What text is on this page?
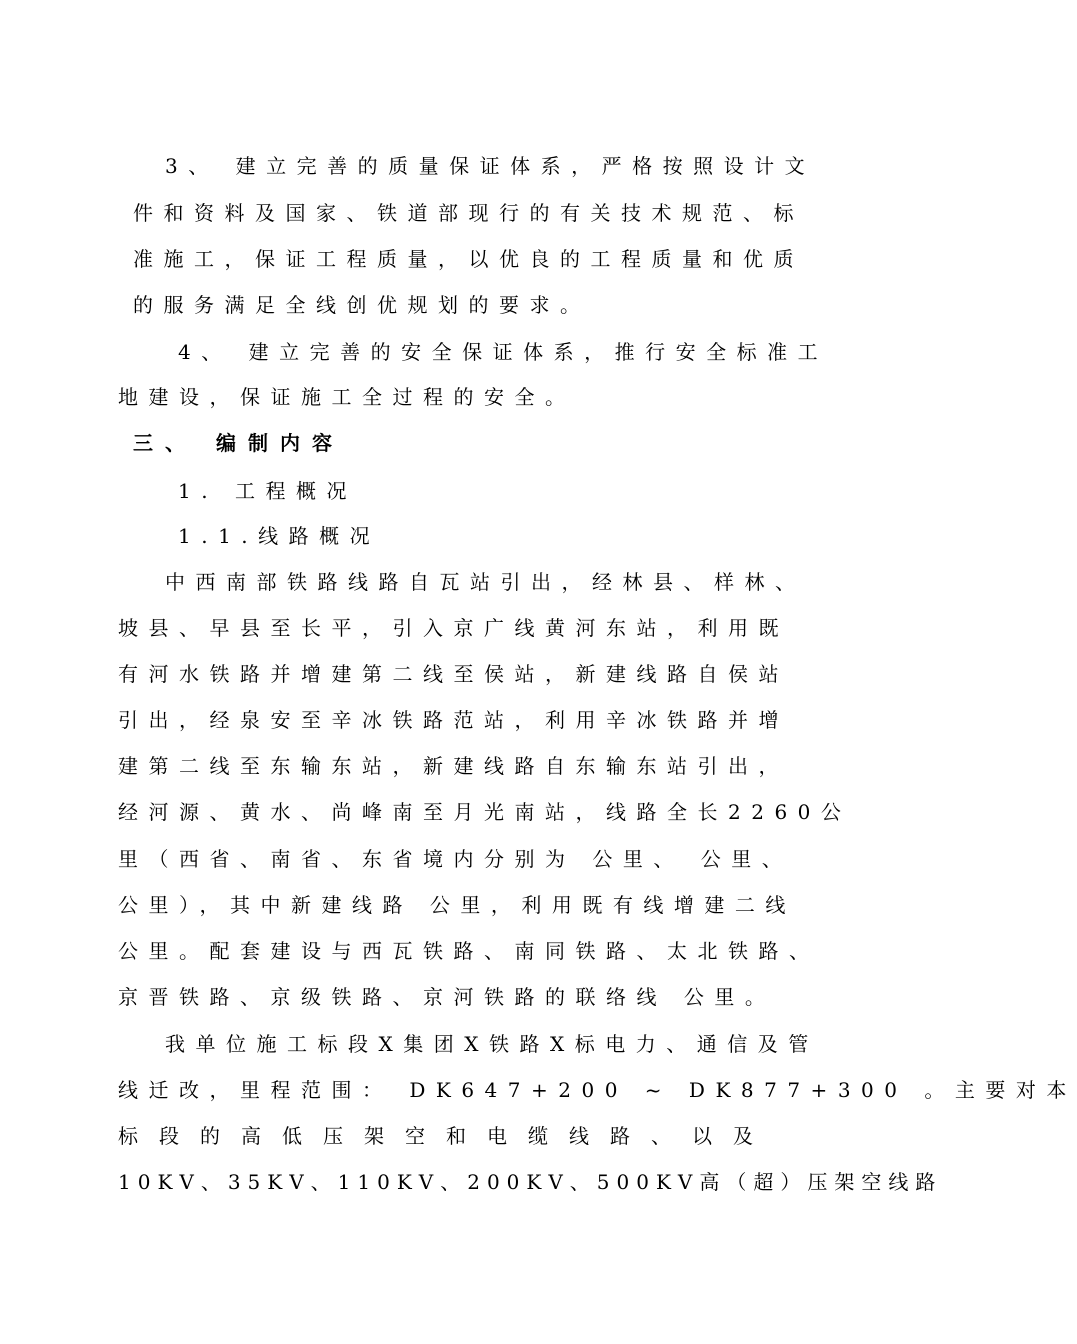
3、 建立完善的质量保证体系，严格按照设计文
件和资料及国家、铁道部现行的有关技术规范、标
准施工，保证工程质量，以优良的工程质量和优质
的服务满足全线创优规划的要求。
4、 建立完善的安全保证体系，推行安全标准工
地建设，保证施工全过程的安全。
三、 编制内容
1. 工程概况
1.1.线路概况
中西南部铁路线路自瓦站引出，经林县、样林、
坡县、早县至长平，引入京广线黄河东站，利用既
有河水铁路并增建第二线至侯站，新建线路自侯站
引出，经泉安至辛冰铁路范站，利用辛冰铁路并增
建第二线至东输东站，新建线路自东输东站引出，
经河源、黄水、尚峰南至月光南站，线路全长2260公
里（西省、南省、东省境内分别为 公里、 公里、
公里），其中新建线路 公里，利用既有线增建二线
公里。配套建设与西瓦铁路、南同铁路、太北铁路、
京晋铁路、京级铁路、京河铁路的联络线 公里。
我单位施工标段X集团X铁路X标电力、通信及管
线迁改，里程范围： DK647+200 ~ DK877+300 。主要对本
标段的高低压架空和电缆线路、以及
10KV、35KV、110KV、200KV、500KV高（超）压架空线路
